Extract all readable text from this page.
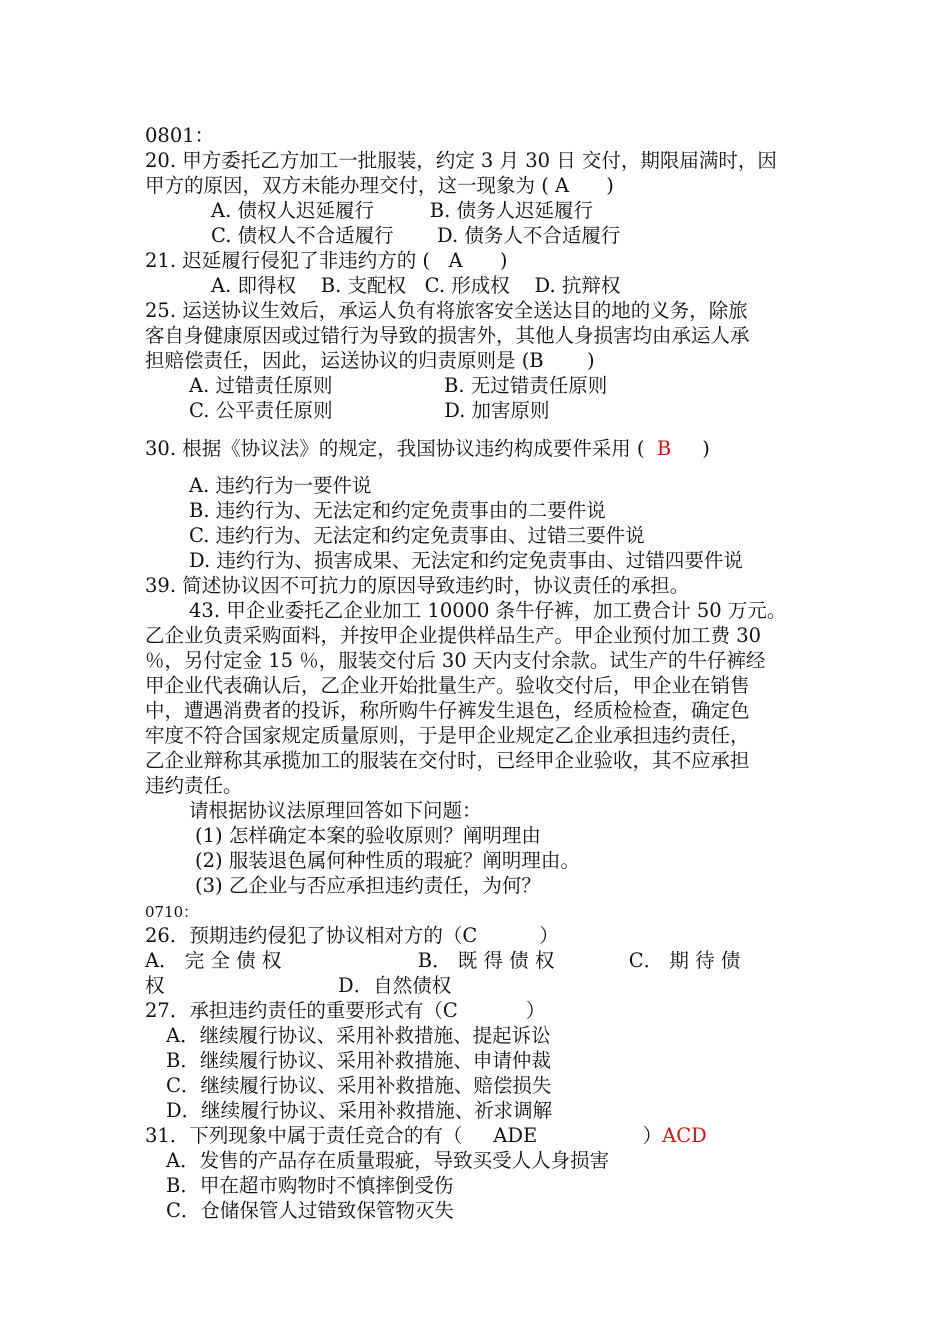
0801：
20. 甲方委托乙方加工一批服装，约定 3 月 30 日 交付，期限届满时，因
甲方的原因，双方未能办理交付，这一现象为 ( A      )
A. 债权人迟延履行         B. 债务人迟延履行
C. 债权人不合适履行       D. 债务人不合适履行
21. 迟延履行侵犯了非违约方的 (   A      )
A. 即得权    B. 支配权   C. 形成权    D. 抗辩权
25. 运送协议生效后，承运人负有将旅客安全送达目的地的义务，除旅
客自身健康原因或过错行为导致的损害外，其他人身损害均由承运人承
担赔偿责任，因此，运送协议的归责原则是 (B       )
A. 过错责任原则                  B. 无过错责任原则
C. 公平责任原则                  D. 加害原则
30. 根据《协议法》的规定，我国协议违约构成要件采用 (  B     )
A. 违约行为一要件说
B. 违约行为、无法定和约定免责事由的二要件说
C. 违约行为、无法定和约定免责事由、过错三要件说
D. 违约行为、损害成果、无法定和约定免责事由、过错四要件说
39. 简述协议因不可抗力的原因导致违约时，协议责任的承担。
43. 甲企业委托乙企业加工 10000 条牛仔裤，加工费合计 50 万元。
乙企业负责采购面料，并按甲企业提供样品生产。甲企业预付加工费 30
％，另付定金 15 ％，服装交付后 30 天内支付余款。试生产的牛仔裤经
甲企业代表确认后，乙企业开始批量生产。验收交付后，甲企业在销售
中，遭遇消费者的投诉，称所购牛仔裤发生退色，经质检检查，确定色
牢度不符合国家规定质量原则，于是甲企业规定乙企业承担违约责任，
乙企业辩称其承揽加工的服装在交付时，已经甲企业验收，其不应承担
违约责任。
请根据协议法原理回答如下问题：
(1) 怎样确定本案的验收原则？阐明理由
(2) 服装退色属何种性质的瑕疵？阐明理由。
(3) 乙企业与否应承担违约责任，为何？
0710：
26．预期违约侵犯了协议相对方的（C          ）
A． 完 全 债 权                      B． 既 得 债 权            C． 期 待 债
权                            D．自然债权
27．承担违约责任的重要形式有（C           ）
A．继续履行协议、采用补救措施、提起诉讼
B．继续履行协议、采用补救措施、申请仲裁
C．继续履行协议、采用补救措施、赔偿损失
D．继续履行协议、采用补救措施、祈求调解
31．下列现象中属于责任竞合的有（     ADE                 ）ACD
A．发售的产品存在质量瑕疵，导致买受人人身损害
B．甲在超市购物时不慎摔倒受伤
C．仓储保管人过错致保管物灭失
